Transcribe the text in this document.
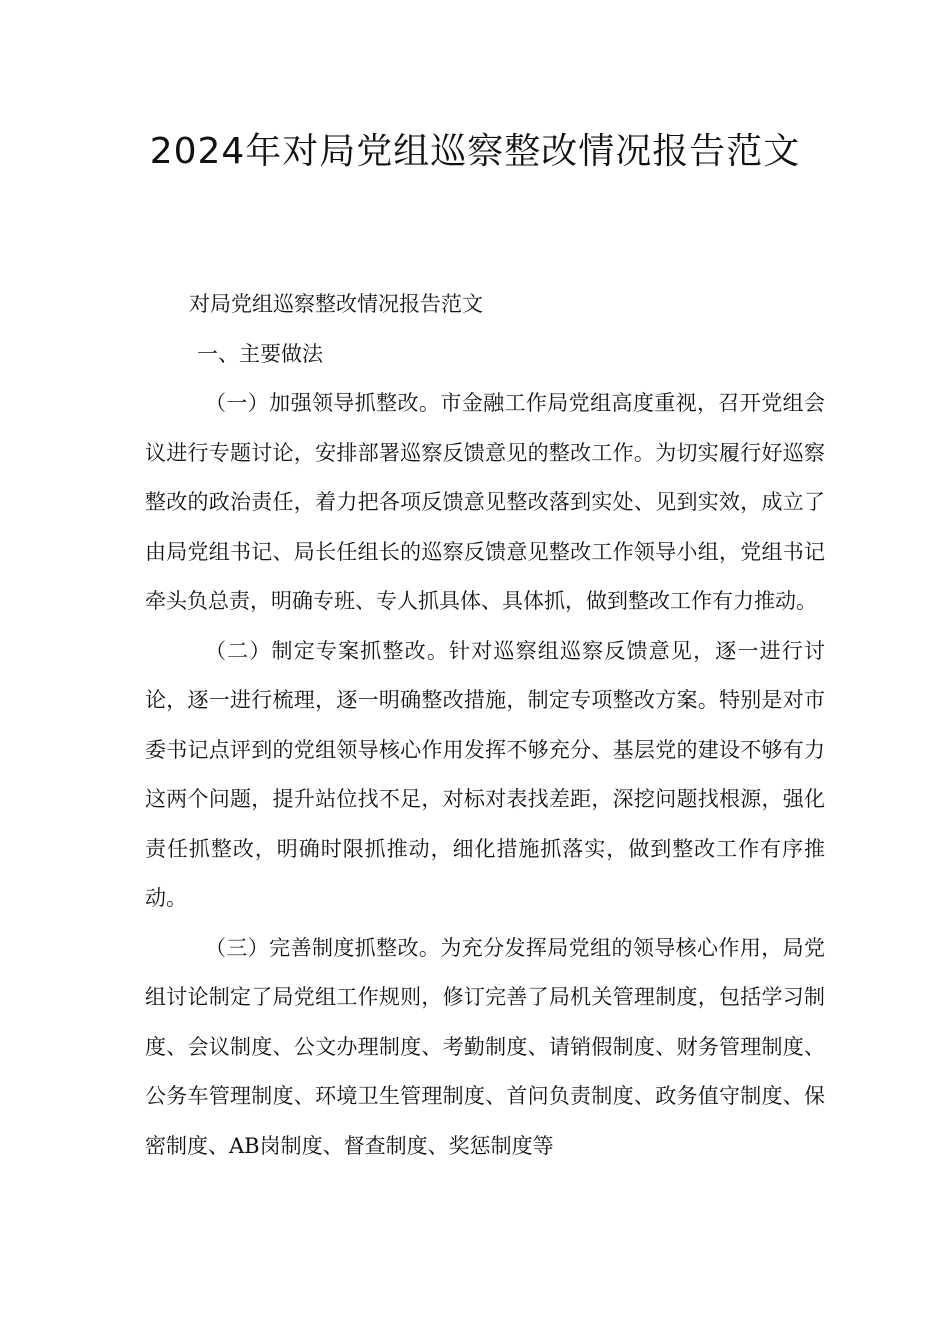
2024年对局党组巡察整改情况报告范文

对局党组巡察整改情况报告范文

一、主要做法

（一）加强领导抓整改。市金融工作局党组高度重视，召开党组会议进行专题讨论，安排部署巡察反馈意见的整改工作。为切实履行好巡察整改的政治责任，着力把各项反馈意见整改落到实处、见到实效，成立了由局党组书记、局长任组长的巡察反馈意见整改工作领导小组，党组书记牵头负总责，明确专班、专人抓具体、具体抓，做到整改工作有力推动。

（二）制定专案抓整改。针对巡察组巡察反馈意见，逐一进行讨论，逐一进行梳理，逐一明确整改措施，制定专项整改方案。特别是对市委书记点评到的党组领导核心作用发挥不够充分、基层党的建设不够有力这两个问题，提升站位找不足，对标对表找差距，深挖问题找根源，强化责任抓整改，明确时限抓推动，细化措施抓落实，做到整改工作有序推动。

（三）完善制度抓整改。为充分发挥局党组的领导核心作用，局党组讨论制定了局党组工作规则，修订完善了局机关管理制度，包括学习制度、会议制度、公文办理制度、考勤制度、请销假制度、财务管理制度、公务车管理制度、环境卫生管理制度、首问负责制度、政务值守制度、保密制度、AB岗制度、督查制度、奖惩制度等
